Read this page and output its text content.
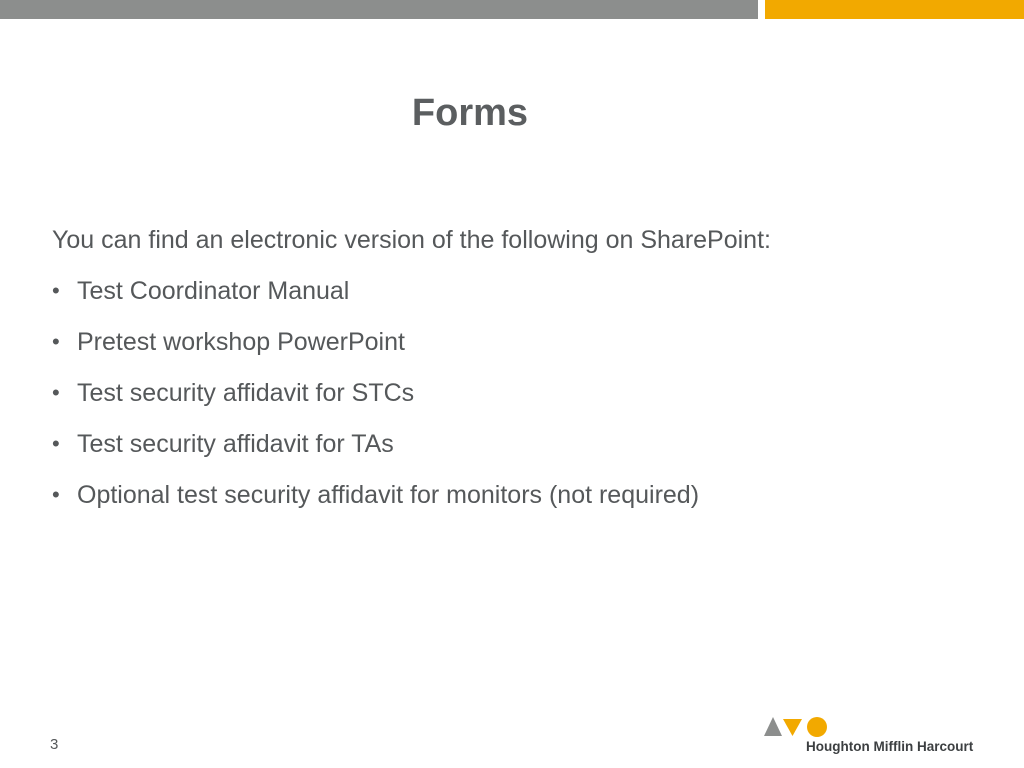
Forms
You can find an electronic version of the following on SharePoint:
• Test Coordinator Manual
• Pretest workshop PowerPoint
• Test security affidavit for STCs
• Test security affidavit for TAs
• Optional test security affidavit for monitors (not required)
3	Houghton Mifflin Harcourt
